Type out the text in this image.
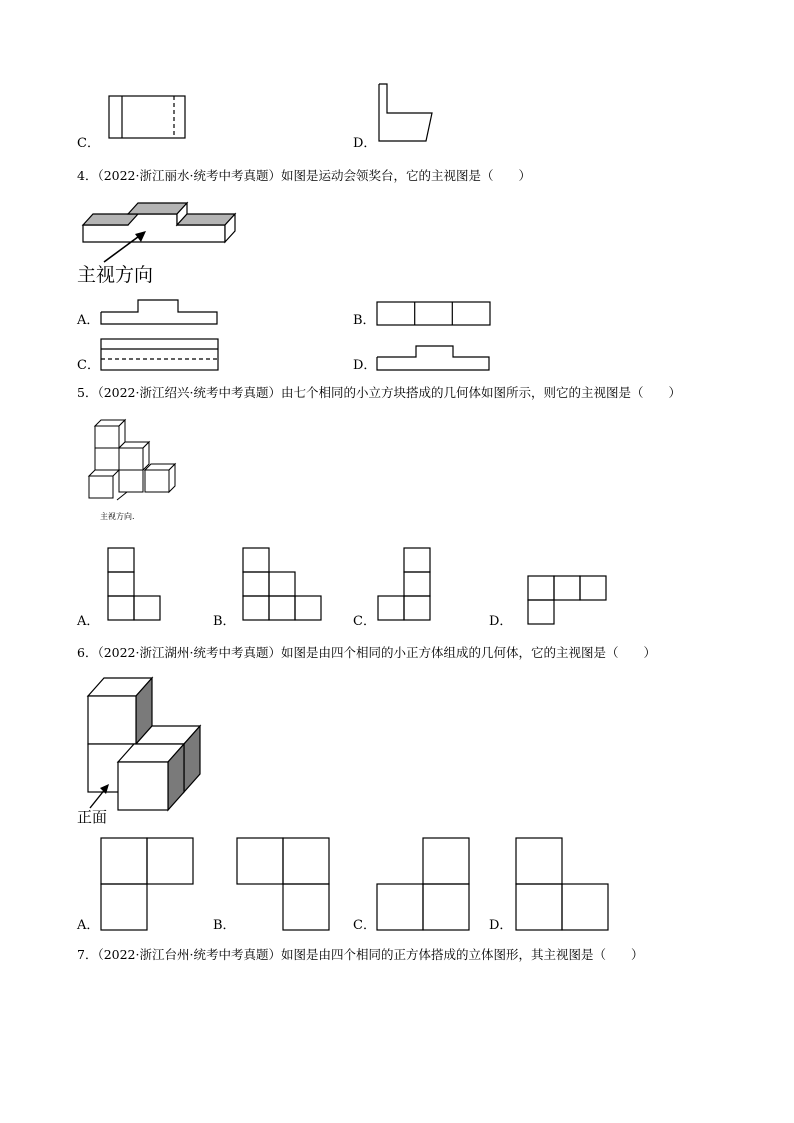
C．	D．
4．（2022·浙江丽水·统考中考真题）如图是运动会领奖台，它的主视图是（　　）
主视方向
A．	B．
C．	D．
5．（2022·浙江绍兴·统考中考真题）由七个相同的小立方块搭成的几何体如图所示，则它的主视图是（　　）
主视方向.
A．	B．	C．	D．
6．（2022·浙江湖州·统考中考真题）如图是由四个相同的小正方体组成的几何体，它的主视图是（　　）
正面
A．	B．	C．	D．
7．（2022·浙江台州·统考中考真题）如图是由四个相同的正方体搭成的立体图形，其主视图是（　　）
